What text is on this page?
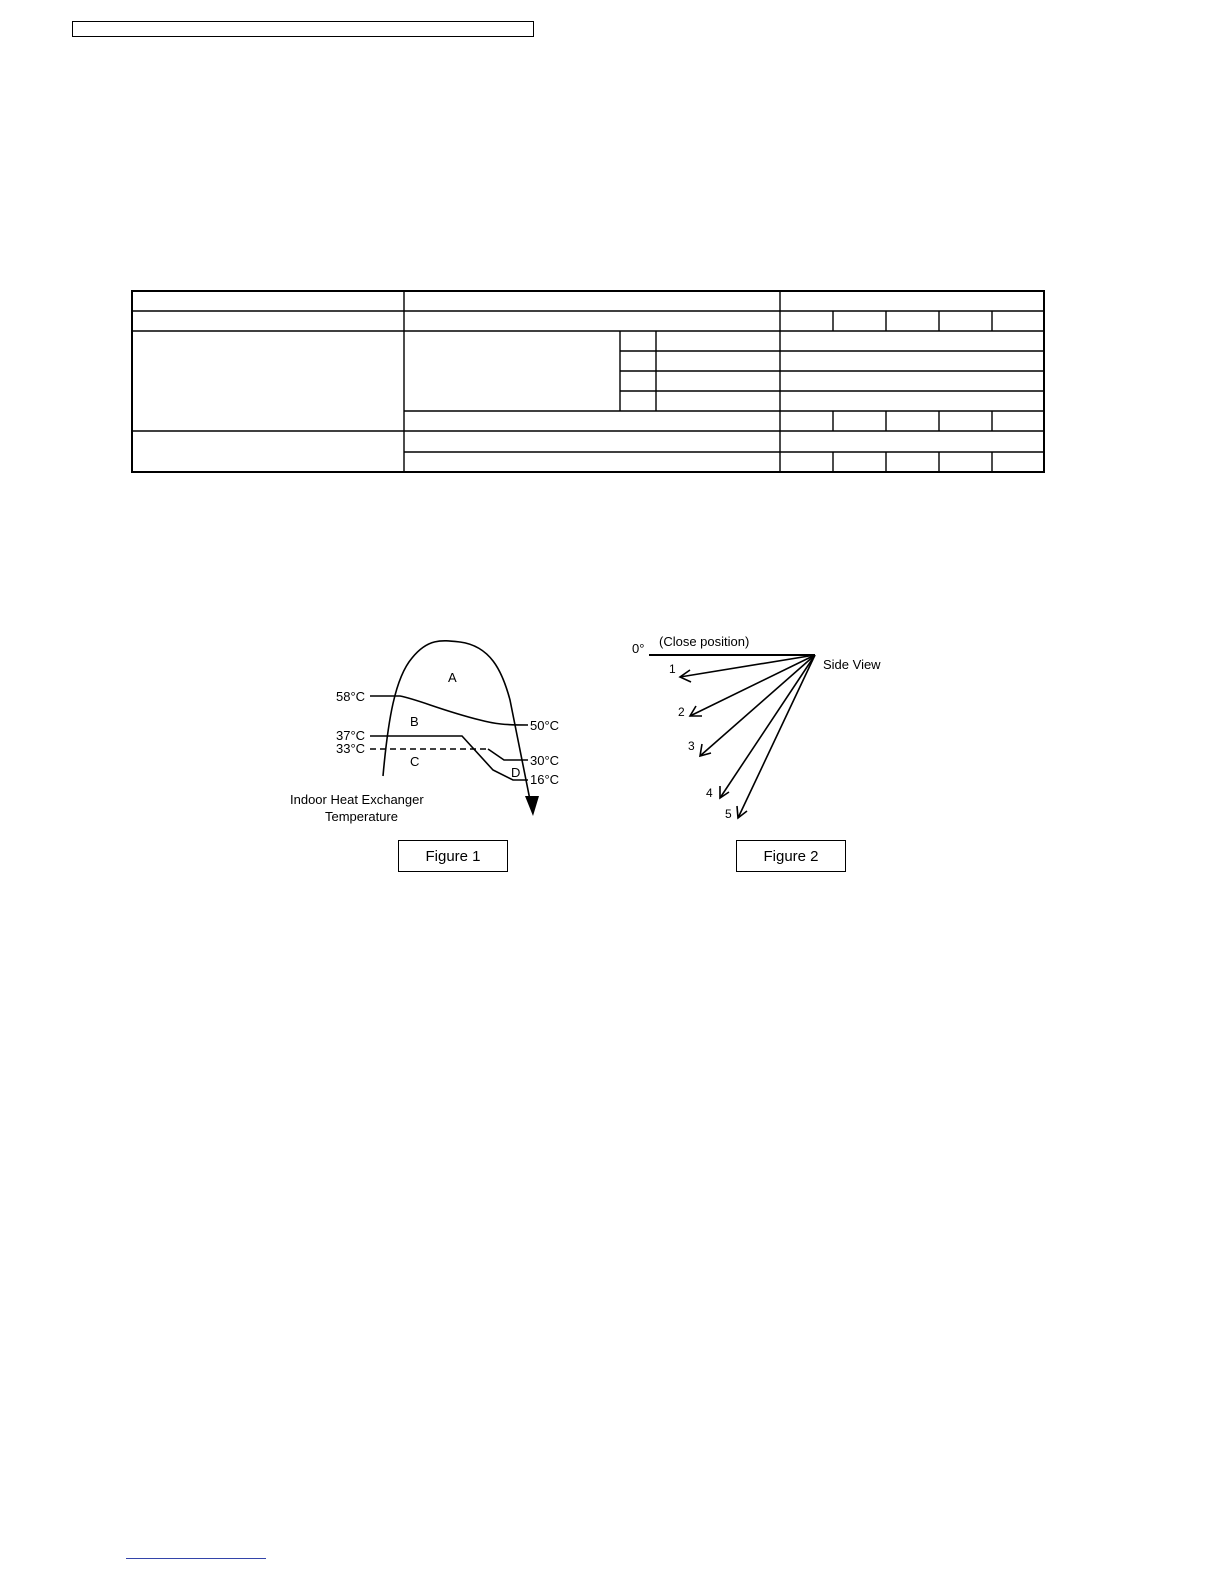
A
B
C
D
58°C
37°C
33°C
50°C
30°C
16°C
Indoor Heat Exchanger
Temperature
0° (Close position)
Side View
1
2
3
4
5
Figure 1	Figure 2
